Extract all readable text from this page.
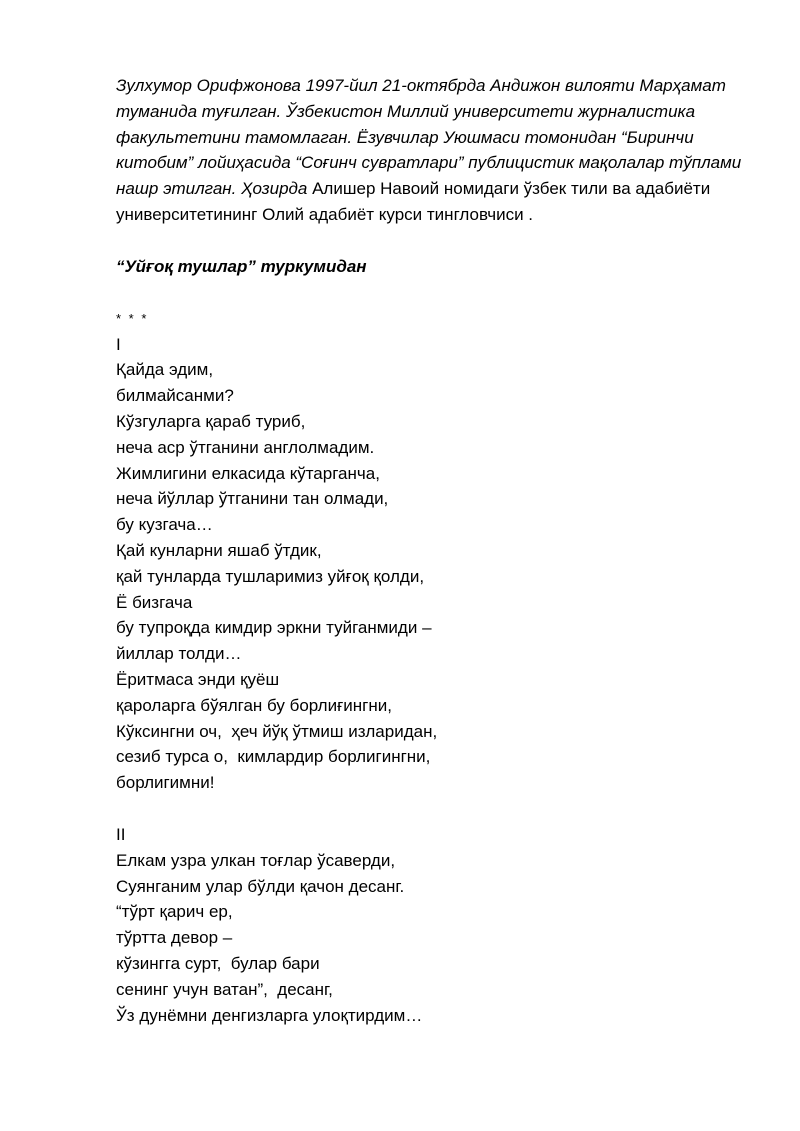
Зулхумор Орифжонова 1997-йил 21-октябрда Андижон вилояти Марҳамат туманида туғилган. Ўзбекистон Миллий университети журналистика факультетини тамомлаган. Ёзувчилар Уюшмаси томонидан “Биринчи китобим” лойиҳасида “Соғинч сувратлари” публицистик мақолалар тўплами нашр этилган. Ҳозирда Алишер Навоий номидаги ўзбек тили ва адабиёти университетининг Олий адабиёт курси тингловчиси .

“Уйғоқ тушлар” туркумидан

* * *
I
Қайда эдим,
билмайсанми?
Кўзгуларга қараб туриб,
неча аср ўтганини англолмадим.
Жимлигини елкасида кўтарганча,
неча йўллар ўтганини тан олмади,
бу кузгача…
Қай кунларни яшаб ўтдик,
қай тунларда тушларимиз уйғоқ қолди,
Ё бизгача
бу тупроқда кимдир эркни туйганмиди –
йиллар толди…
Ёритмаса энди қуёш
қароларга бўялган бу борлиғингни,
Кўксингни оч,  ҳеч йўқ ўтмиш изларидан,
сезиб турса о,  кимлардир борлигингни,
борлигимни!
II
Елкам узра улкан тоғлар ўсаверди,
Суянганим улар бўлди қачон десанг.
“тўрт қарич ер,
тўртта девор –
кўзингга сурт,  булар бари
сенинг учун ватан”,  десанг,
Ўз дунёмни денгизларга улоқтирдим…
